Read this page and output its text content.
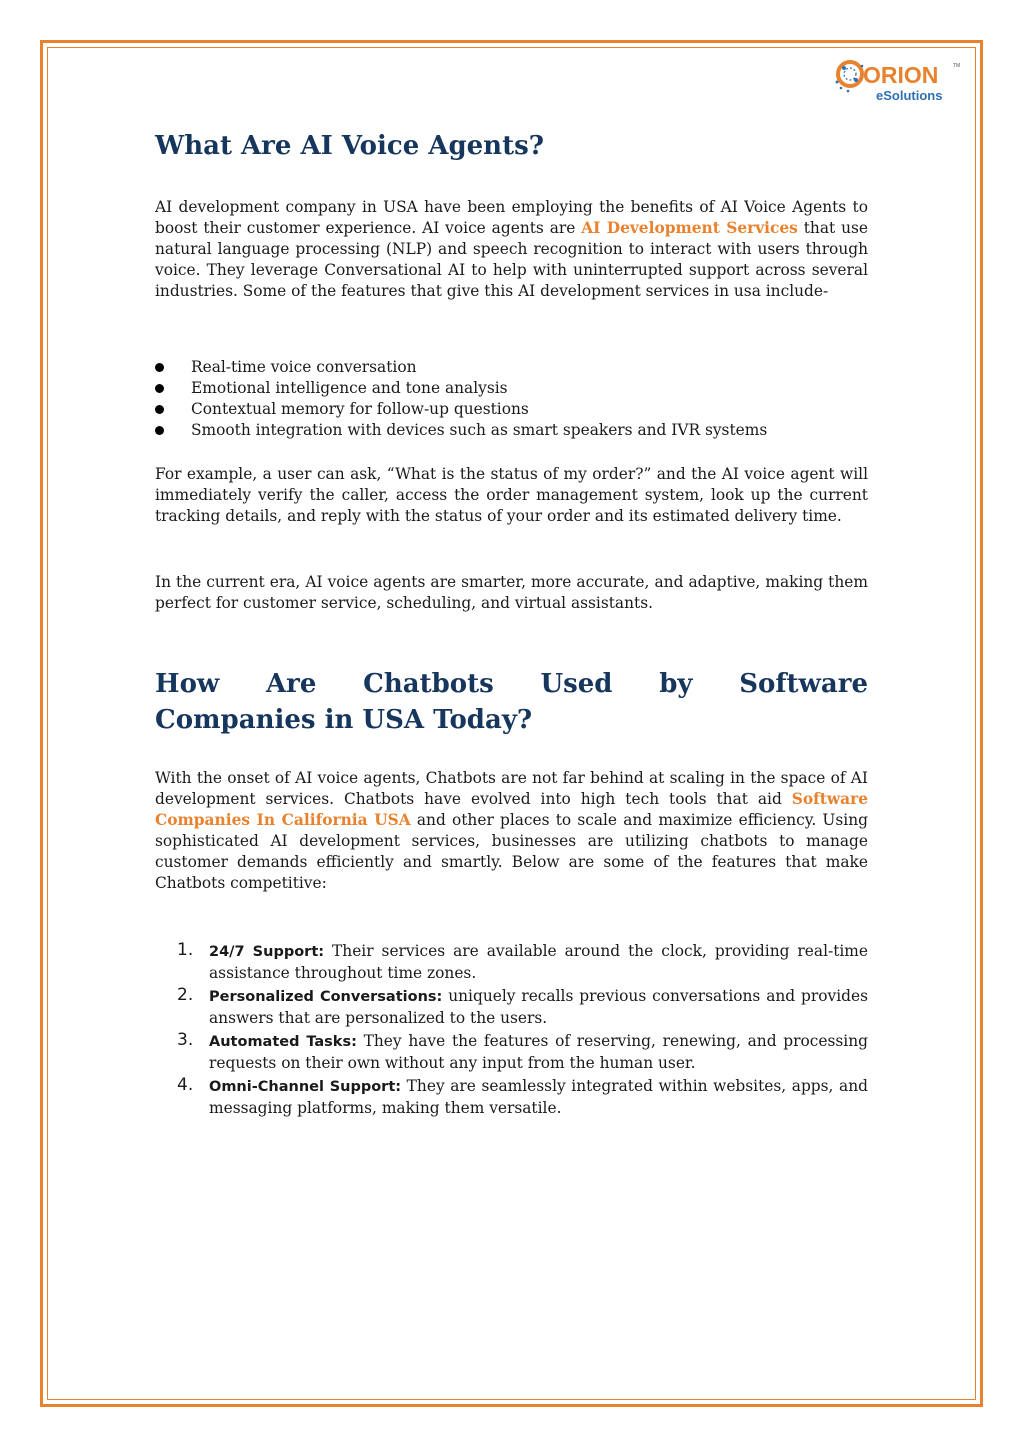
ORION	TM
eSolutions
What Are AI Voice Agents?

AI development company in USA have been employing the benefits of AI Voice Agents to boost their customer experience. AI voice agents are AI Development Services that use natural language processing (NLP) and speech recognition to interact with users through voice. They leverage Conversational AI to help with uninterrupted support across several industries. Some of the features that give this AI development services in usa include-

Real-time voice conversation
Emotional intelligence and tone analysis
Contextual memory for follow-up questions
Smooth integration with devices such as smart speakers and IVR systems

For example, a user can ask, “What is the status of my order?” and the AI voice agent will immediately verify the caller, access the order management system, look up the current tracking details, and reply with the status of your order and its estimated delivery time.

In the current era, AI voice agents are smarter, more accurate, and adaptive, making them perfect for customer service, scheduling, and virtual assistants.

How Are Chatbots Used by Software
Companies in USA Today?

With the onset of AI voice agents, Chatbots are not far behind at scaling in the space of AI development services. Chatbots have evolved into high tech tools that aid Software Companies In California USA and other places to scale and maximize efficiency. Using sophisticated AI development services, businesses are utilizing chatbots to manage customer demands efficiently and smartly. Below are some of the features that make Chatbots competitive:

1. 24/7 Support: Their services are available around the clock, providing real-time assistance throughout time zones.
2. Personalized Conversations: uniquely recalls previous conversations and provides answers that are personalized to the users.
3. Automated Tasks: They have the features of reserving, renewing, and processing requests on their own without any input from the human user.
4. Omni-Channel Support: They are seamlessly integrated within websites, apps, and messaging platforms, making them versatile.
